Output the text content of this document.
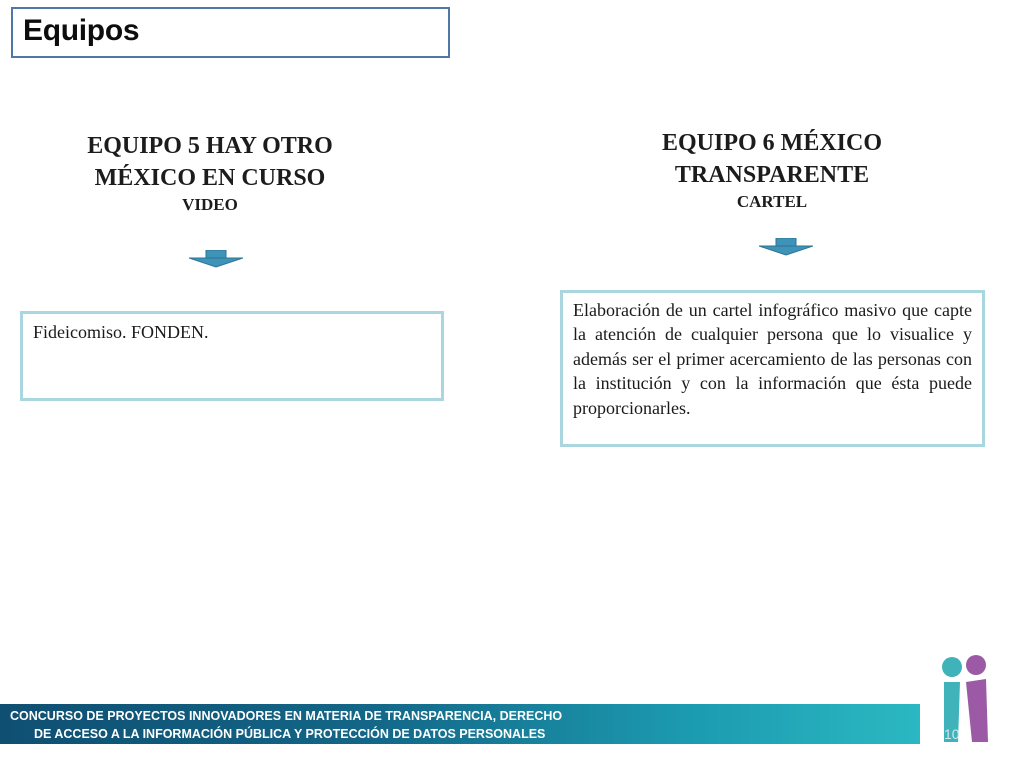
Equipos
EQUIPO 5 HAY OTRO
MÉXICO EN CURSO
VIDEO
Fideicomiso. FONDEN.
EQUIPO 6 MÉXICO
TRANSPARENTE
CARTEL
Elaboración de un cartel infográfico masivo que capte la atención de cualquier persona que lo visualice y además ser el primer acercamiento de las personas con la institución y con la información que ésta puede proporcionarles.
CONCURSO DE PROYECTOS INNOVADORES EN MATERIA DE TRANSPARENCIA, DERECHO
DE ACCESO A LA INFORMACIÓN PÚBLICA Y PROTECCIÓN DE DATOS PERSONALES	10
